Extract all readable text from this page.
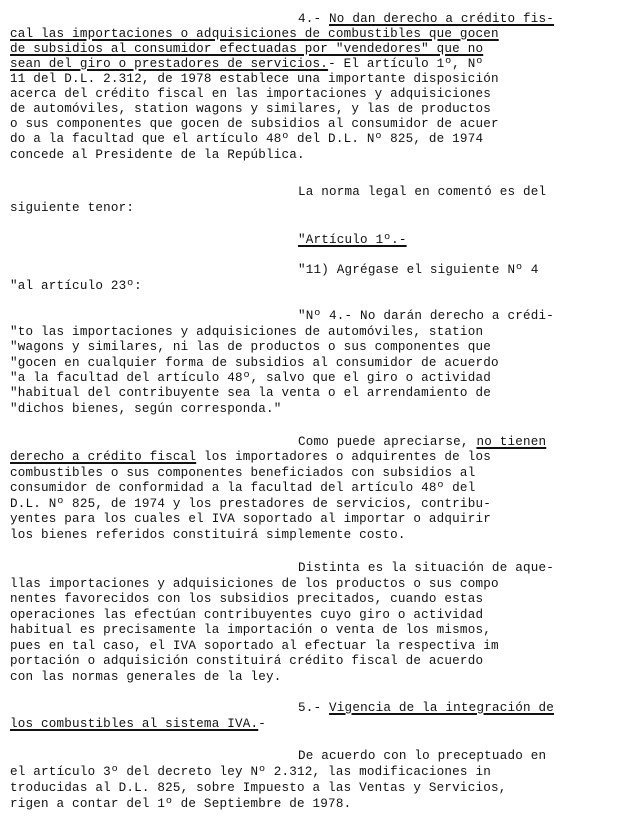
4.- No dan derecho a crédito fis-
cal las importaciones o adquisiciones de combustibles que gocen
de subsidios al consumidor efectuadas por "vendedores" que no
sean del giro o prestadores de servicios.- El artículo 1º, Nº
11 del D.L. 2.312, de 1978 establece una importante disposición
acerca del crédito fiscal en las importaciones y adquisiciones
de automóviles, station wagons y similares, y las de productos
o sus componentes que gocen de subsidios al consumidor de acuer
do a la facultad que el artículo 48º del D.L. Nº 825, de 1974
concede al Presidente de la República.
La norma legal en comentó es del
siguiente tenor:
"Artículo 1º.-
"11) Agrégase el siguiente Nº 4
"al artículo 23º:
"Nº 4.- No darán derecho a crédi-
"to las importaciones y adquisiciones de automóviles, station
"wagons y similares, ni las de productos o sus componentes que
"gocen en cualquier forma de subsidios al consumidor de acuerdo
"a la facultad del artículo 48º, salvo que el giro o actividad
"habitual del contribuyente sea la venta o el arrendamiento de
"dichos bienes, según corresponda."
Como puede apreciarse, no tienen
derecho a crédito fiscal los importadores o adquirentes de los
combustibles o sus componentes beneficiados con subsidios al
consumidor de conformidad a la facultad del artículo 48º del
D.L. Nº 825, de 1974 y los prestadores de servicios, contribu-
yentes para los cuales el IVA soportado al importar o adquirir
los bienes referidos constituirá simplemente costo.
Distinta es la situación de aque-
llas importaciones y adquisiciones de los productos o sus compo
nentes favorecidos con los subsidios precitados, cuando estas
operaciones las efectúan contribuyentes cuyo giro o actividad
habitual es precisamente la importación o venta de los mismos,
pues en tal caso, el IVA soportado al efectuar la respectiva im
portación o adquisición constituirá crédito fiscal de acuerdo
con las normas generales de la ley.
5.- Vigencia de la integración de
los combustibles al sistema IVA.-
De acuerdo con lo preceptuado en
el artículo 3º del decreto ley Nº 2.312, las modificaciones in
troducidas al D.L. 825, sobre Impuesto a las Ventas y Servicios,
rigen a contar del 1º de Septiembre de 1978.
